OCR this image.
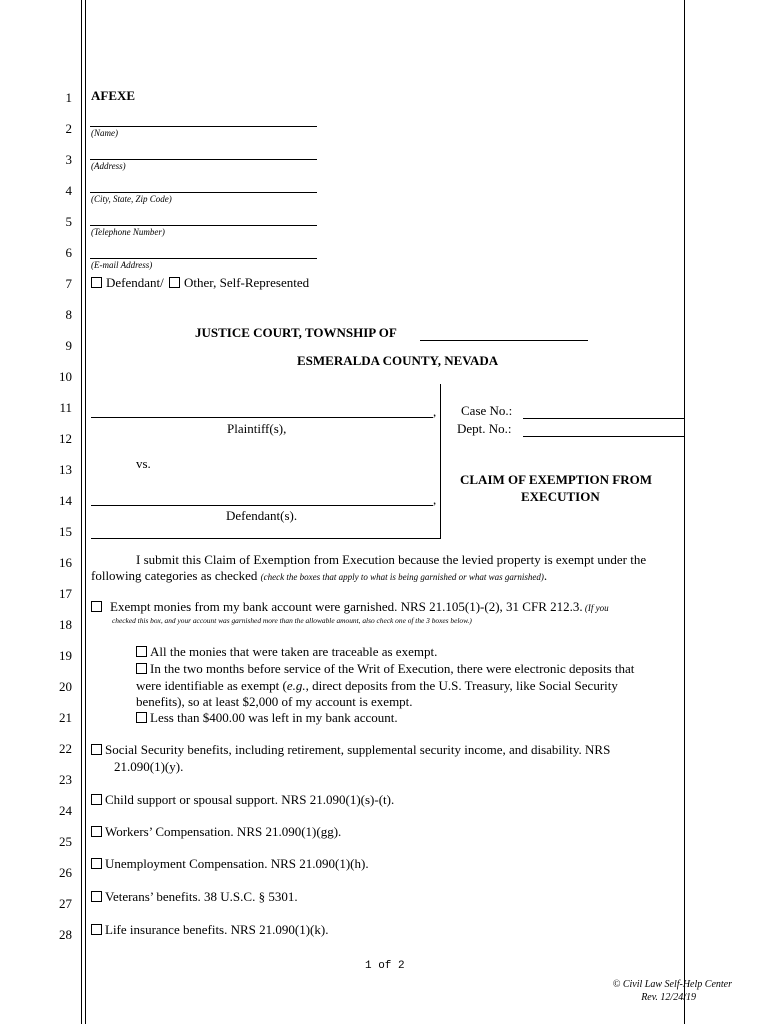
1
2
3
4
5
6
7
8
9
10
11
12
13
14
15
16
17
18
19
20
21
22
23
24
25
26
27
28
AFEXE
(Name)
(Address)
(City, State, Zip Code)
(Telephone Number)
(E-mail Address)
Defendant/ Other, Self-Represented
JUSTICE COURT, TOWNSHIP OF
ESMERALDA COUNTY, NEVADA
,
Plaintiff(s),
vs.
,
Defendant(s).
Case No.:
Dept. No.:
CLAIM OF EXEMPTION FROM
EXECUTION
I submit this Claim of Exemption from Execution because the levied property is exempt under the
following categories as checked (check the boxes that apply to what is being garnished or what was garnished).
Exempt monies from my bank account were garnished. NRS 21.105(1)-(2), 31 CFR 212.3. (If you
checked this box, and your account was garnished more than the allowable amount, also check one of the 3 boxes below.)
All the monies that were taken are traceable as exempt.
In the two months before service of the Writ of Execution, there were electronic deposits that
were identifiable as exempt (e.g., direct deposits from the U.S. Treasury, like Social Security
benefits), so at least $2,000 of my account is exempt.
Less than $400.00 was left in my bank account.
Social Security benefits, including retirement, supplemental security income, and disability. NRS
21.090(1)(y).
Child support or spousal support. NRS 21.090(1)(s)-(t).
Workers’ Compensation. NRS 21.090(1)(gg).
Unemployment Compensation. NRS 21.090(1)(h).
Veterans’ benefits. 38 U.S.C. § 5301.
Life insurance benefits. NRS 21.090(1)(k).
1 of 2
© Civil Law Self-Help Center
Rev. 12/24/19
